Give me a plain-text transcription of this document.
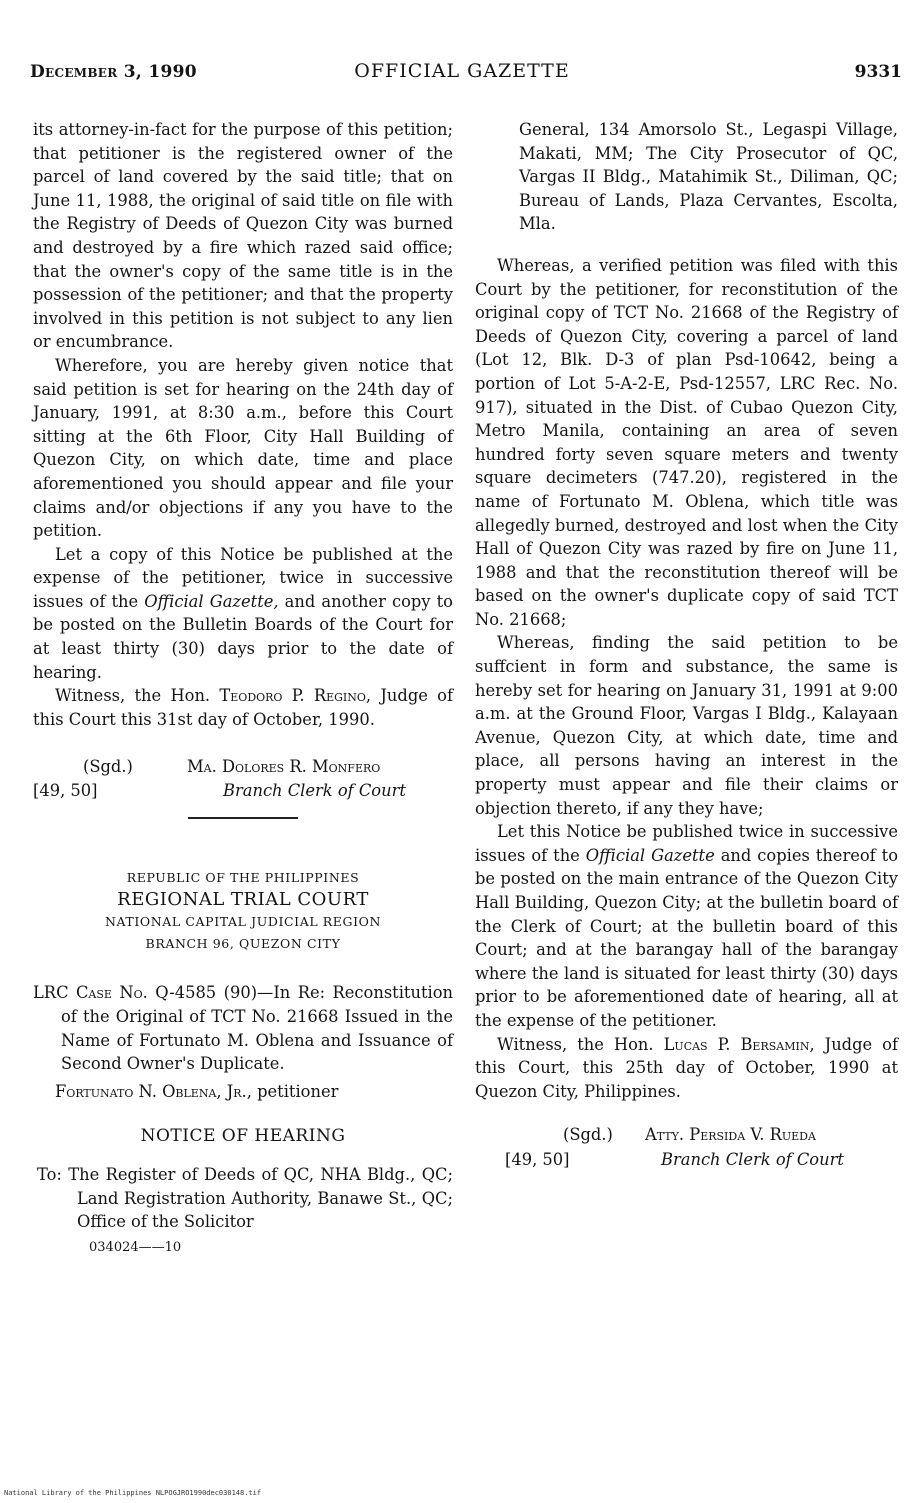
December 3, 1990	OFFICIAL GAZETTE	9331

its attorney-in-fact for the purpose of this petition; that petitioner is the registered owner of the parcel of land covered by the said title; that on June 11, 1988, the original of said title on file with the Registry of Deeds of Quezon City was burned and destroyed by a fire which razed said office; that the owner's copy of the same title is in the possession of the petitioner; and that the property involved in this petition is not subject to any lien or encumbrance.

Wherefore, you are hereby given notice that said petition is set for hearing on the 24th day of January, 1991, at 8:30 a.m., before this Court sitting at the 6th Floor, City Hall Building of Quezon City, on which date, time and place aforementioned you should appear and file your claims and/or objections if any you have to the petition.

Let a copy of this Notice be published at the expense of the petitioner, twice in successive issues of the Official Gazette, and another copy to be posted on the Bulletin Boards of the Court for at least thirty (30) days prior to the date of hearing.

Witness, the Hon. Teodoro P. Regino, Judge of this Court this 31st day of October, 1990.

(Sgd.)	Ma. Dolores R. Monfero
[49, 50]	Branch Clerk of Court
REPUBLIC OF THE PHILIPPINES
REGIONAL TRIAL COURT
NATIONAL CAPITAL JUDICIAL REGION
BRANCH 96, QUEZON CITY

LRC Case No. Q-4585 (90)—In Re: Reconstitution of the Original of TCT No. 21668 Issued in the Name of Fortunato M. Oblena and Issuance of Second Owner's Duplicate.

Fortunato N. Oblena, Jr., petitioner

NOTICE OF HEARING

To: The Register of Deeds of QC, NHA Bldg., QC; Land Registration Authority, Banawe St., QC; Office of the Solicitor

034024——10

General, 134 Amorsolo St., Legaspi Village, Makati, MM; The City Prosecutor of QC, Vargas II Bldg., Matahimik St., Diliman, QC; Bureau of Lands, Plaza Cervantes, Escolta, Mla.

Whereas, a verified petition was filed with this Court by the petitioner, for reconstitution of the original copy of TCT No. 21668 of the Registry of Deeds of Quezon City, covering a parcel of land (Lot 12, Blk. D-3 of plan Psd-10642, being a portion of Lot 5-A-2-E, Psd-12557, LRC Rec. No. 917), situated in the Dist. of Cubao Quezon City, Metro Manila, containing an area of seven hundred forty seven square meters and twenty square decimeters (747.20), registered in the name of Fortunato M. Oblena, which title was allegedly burned, destroyed and lost when the City Hall of Quezon City was razed by fire on June 11, 1988 and that the reconstitution thereof will be based on the owner's duplicate copy of said TCT No. 21668;

Whereas, finding the said petition to be suffcient in form and substance, the same is hereby set for hearing on January 31, 1991 at 9:00 a.m. at the Ground Floor, Vargas I Bldg., Kalayaan Avenue, Quezon City, at which date, time and place, all persons having an interest in the property must appear and file their claims or objection thereto, if any they have;

Let this Notice be published twice in successive issues of the Official Gazette and copies thereof to be posted on the main entrance of the Quezon City Hall Building, Quezon City; at the bulletin board of the Clerk of Court; at the bulletin board of this Court; and at the barangay hall of the barangay where the land is situated for least thirty (30) days prior to be aforementioned date of hearing, all at the expense of the petitioner.

Witness, the Hon. Lucas P. Bersamin, Judge of this Court, this 25th day of October, 1990 at Quezon City, Philippines.

(Sgd.) Atty. Persida V. Rueda
[49, 50]	Branch Clerk of Court
National Library of the Philippines NLPOGJRO1990dec030148.tif
